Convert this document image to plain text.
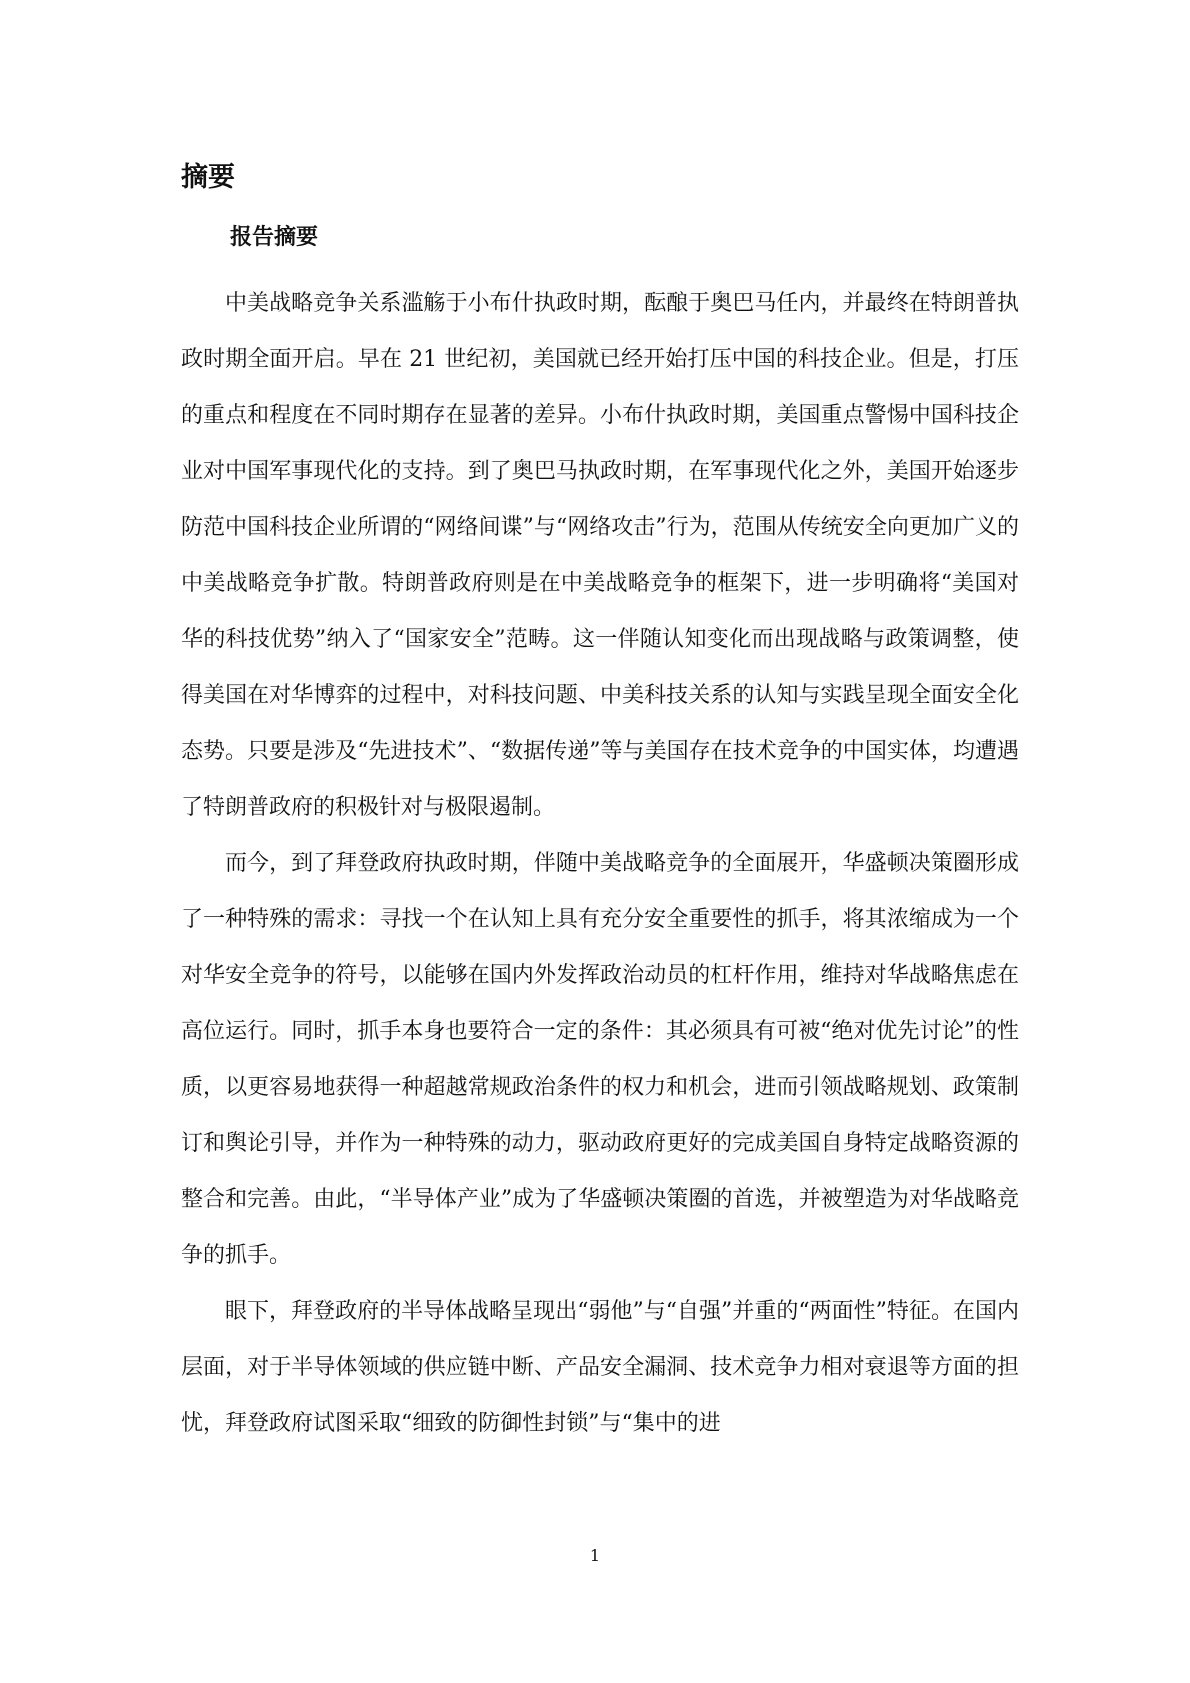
摘要
报告摘要

中美战略竞争关系滥觞于小布什执政时期，酝酿于奥巴马任内，并最终在特朗普执政时期全面开启。早在 21 世纪初，美国就已经开始打压中国的科技企业。但是，打压的重点和程度在不同时期存在显著的差异。小布什执政时期，美国重点警惕中国科技企业对中国军事现代化的支持。到了奥巴马执政时期，在军事现代化之外，美国开始逐步防范中国科技企业所谓的“网络间谍”与“网络攻击”行为，范围从传统安全向更加广义的中美战略竞争扩散。特朗普政府则是在中美战略竞争的框架下，进一步明确将“美国对华的科技优势”纳入了“国家安全”范畴。这一伴随认知变化而出现战略与政策调整，使得美国在对华博弈的过程中，对科技问题、中美科技关系的认知与实践呈现全面安全化态势。只要是涉及“先进技术”、“数据传递”等与美国存在技术竞争的中国实体，均遭遇了特朗普政府的积极针对与极限遏制。

而今，到了拜登政府执政时期，伴随中美战略竞争的全面展开，华盛顿决策圈形成了一种特殊的需求：寻找一个在认知上具有充分安全重要性的抓手，将其浓缩成为一个对华安全竞争的符号，以能够在国内外发挥政治动员的杠杆作用，维持对华战略焦虑在高位运行。同时，抓手本身也要符合一定的条件：其必须具有可被“绝对优先讨论”的性质，以更容易地获得一种超越常规政治条件的权力和机会，进而引领战略规划、政策制订和舆论引导，并作为一种特殊的动力，驱动政府更好的完成美国自身特定战略资源的整合和完善。由此，“半导体产业”成为了华盛顿决策圈的首选，并被塑造为对华战略竞争的抓手。

眼下，拜登政府的半导体战略呈现出“弱他”与“自强”并重的“两面性”特征。在国内层面，对于半导体领域的供应链中断、产品安全漏洞、技术竞争力相对衰退等方面的担忧，拜登政府试图采取“细致的防御性封锁”与“集中的进

1
